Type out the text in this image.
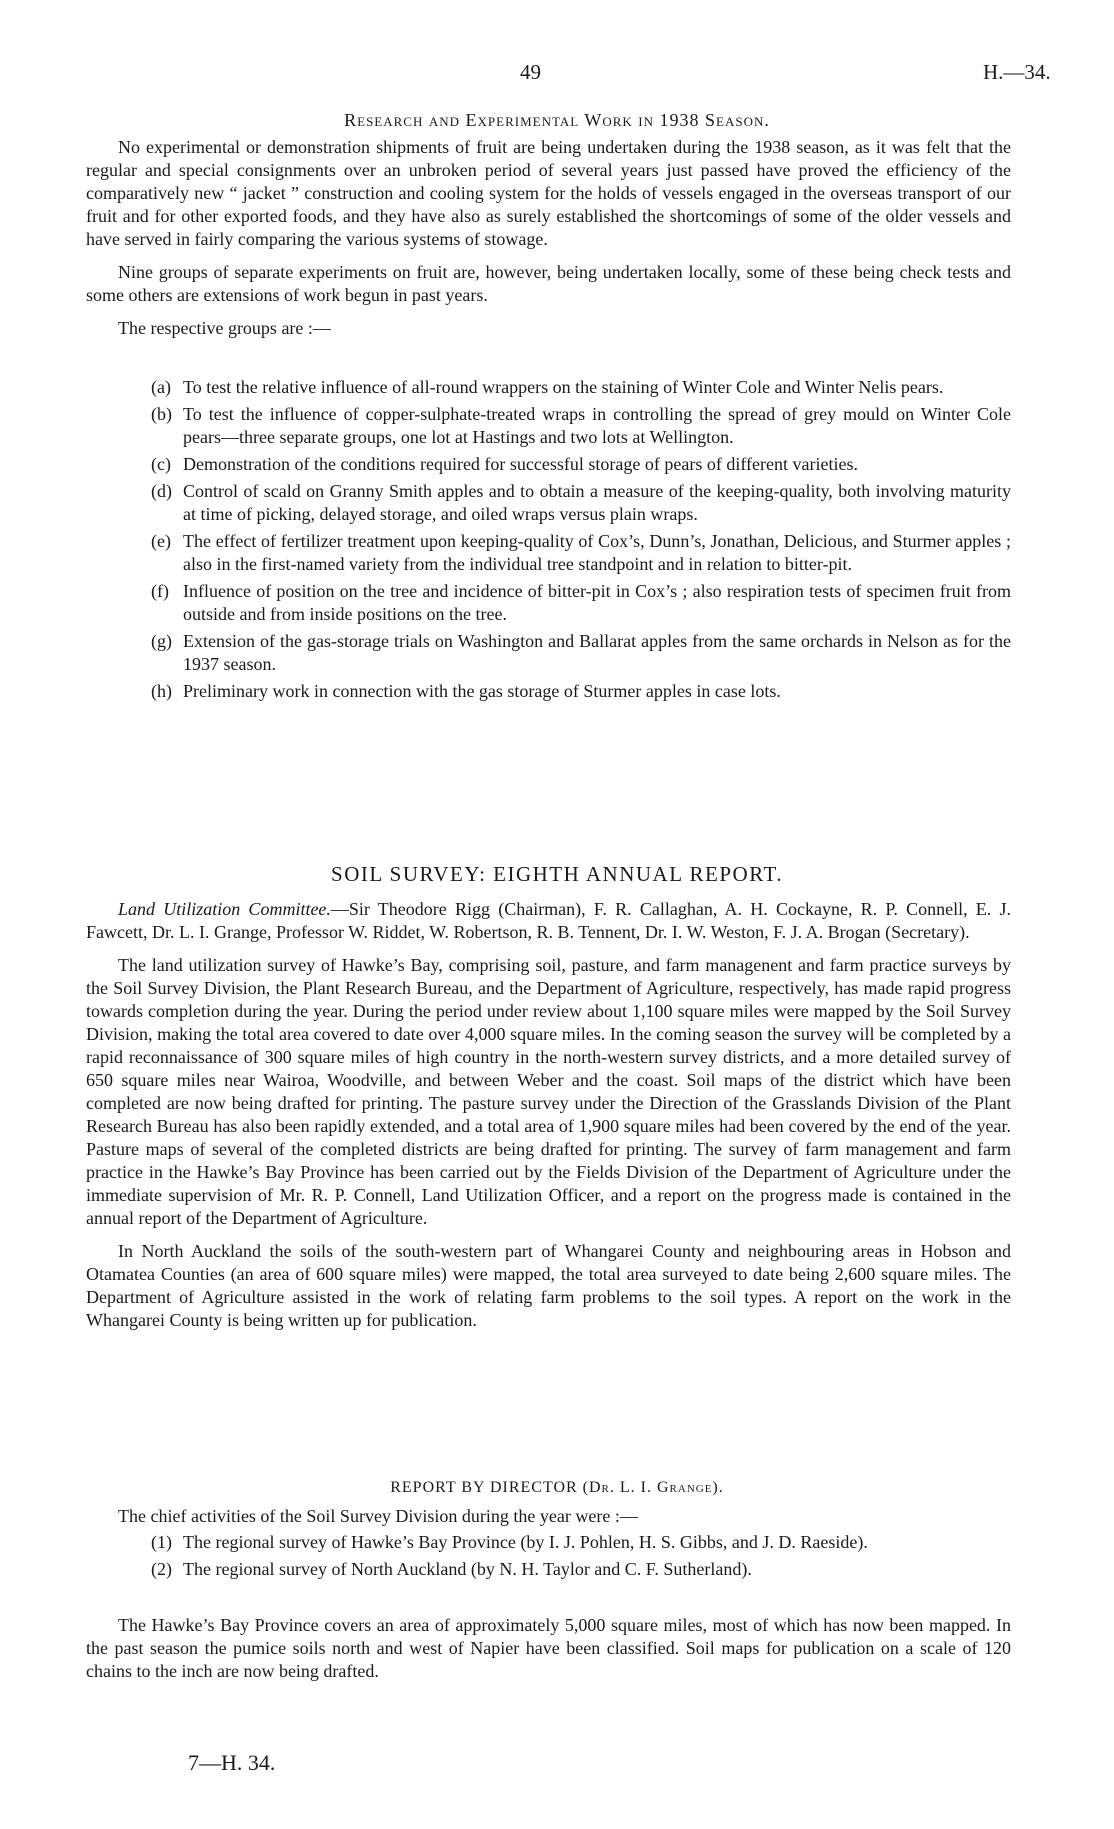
49	H.—34.
Research and Experimental Work in 1938 Season.

No experimental or demonstration shipments of fruit are being undertaken during the 1938 season, as it was felt that the regular and special consignments over an unbroken period of several years just passed have proved the efficiency of the comparatively new “ jacket ” construction and cooling system for the holds of vessels engaged in the overseas transport of our fruit and for other exported foods, and they have also as surely established the shortcomings of some of the older vessels and have served in fairly comparing the various systems of stowage.

Nine groups of separate experiments on fruit are, however, being undertaken locally, some of these being check tests and some others are extensions of work begun in past years.

The respective groups are :—

(a) To test the relative influence of all-round wrappers on the staining of Winter Cole and Winter Nelis pears.
(b) To test the influence of copper-sulphate-treated wraps in controlling the spread of grey mould on Winter Cole pears—three separate groups, one lot at Hastings and two lots at Wellington.
(c) Demonstration of the conditions required for successful storage of pears of different varieties.
(d) Control of scald on Granny Smith apples and to obtain a measure of the keeping-quality, both involving maturity at time of picking, delayed storage, and oiled wraps versus plain wraps.
(e) The effect of fertilizer treatment upon keeping-quality of Cox’s, Dunn’s, Jonathan, Delicious, and Sturmer apples ; also in the first-named variety from the individual tree standpoint and in relation to bitter-pit.
(f) Influence of position on the tree and incidence of bitter-pit in Cox’s ; also respiration tests of specimen fruit from outside and from inside positions on the tree.
(g) Extension of the gas-storage trials on Washington and Ballarat apples from the same orchards in Nelson as for the 1937 season.
(h) Preliminary work in connection with the gas storage of Sturmer apples in case lots.
SOIL SURVEY: EIGHTH ANNUAL REPORT.

Land Utilization Committee.—Sir Theodore Rigg (Chairman), F. R. Callaghan, A. H. Cockayne, R. P. Connell, E. J. Fawcett, Dr. L. I. Grange, Professor W. Riddet, W. Robertson, R. B. Tennent, Dr. I. W. Weston, F. J. A. Brogan (Secretary).

The land utilization survey of Hawke’s Bay, comprising soil, pasture, and farm managenent and farm practice surveys by the Soil Survey Division, the Plant Research Bureau, and the Department of Agriculture, respectively, has made rapid progress towards completion during the year. During the period under review about 1,100 square miles were mapped by the Soil Survey Division, making the total area covered to date over 4,000 square miles. In the coming season the survey will be completed by a rapid reconnaissance of 300 square miles of high country in the north-western survey districts, and a more detailed survey of 650 square miles near Wairoa, Woodville, and between Weber and the coast. Soil maps of the district which have been completed are now being drafted for printing. The pasture survey under the Direction of the Grasslands Division of the Plant Research Bureau has also been rapidly extended, and a total area of 1,900 square miles had been covered by the end of the year. Pasture maps of several of the completed districts are being drafted for printing. The survey of farm management and farm practice in the Hawke’s Bay Province has been carried out by the Fields Division of the Department of Agriculture under the immediate supervision of Mr. R. P. Connell, Land Utilization Officer, and a report on the progress made is contained in the annual report of the Department of Agriculture.

In North Auckland the soils of the south-western part of Whangarei County and neighbouring areas in Hobson and Otamatea Counties (an area of 600 square miles) were mapped, the total area surveyed to date being 2,600 square miles. The Department of Agriculture assisted in the work of relating farm problems to the soil types. A report on the work in the Whangarei County is being written up for publication.

REPORT BY DIRECTOR (Dr. L. I. Grange).

The chief activities of the Soil Survey Division during the year were :—

(1) The regional survey of Hawke’s Bay Province (by I. J. Pohlen, H. S. Gibbs, and J. D. Raeside).
(2) The regional survey of North Auckland (by N. H. Taylor and C. F. Sutherland).

The Hawke’s Bay Province covers an area of approximately 5,000 square miles, most of which has now been mapped. In the past season the pumice soils north and west of Napier have been classified. Soil maps for publication on a scale of 120 chains to the inch are now being drafted.

7—H. 34.
